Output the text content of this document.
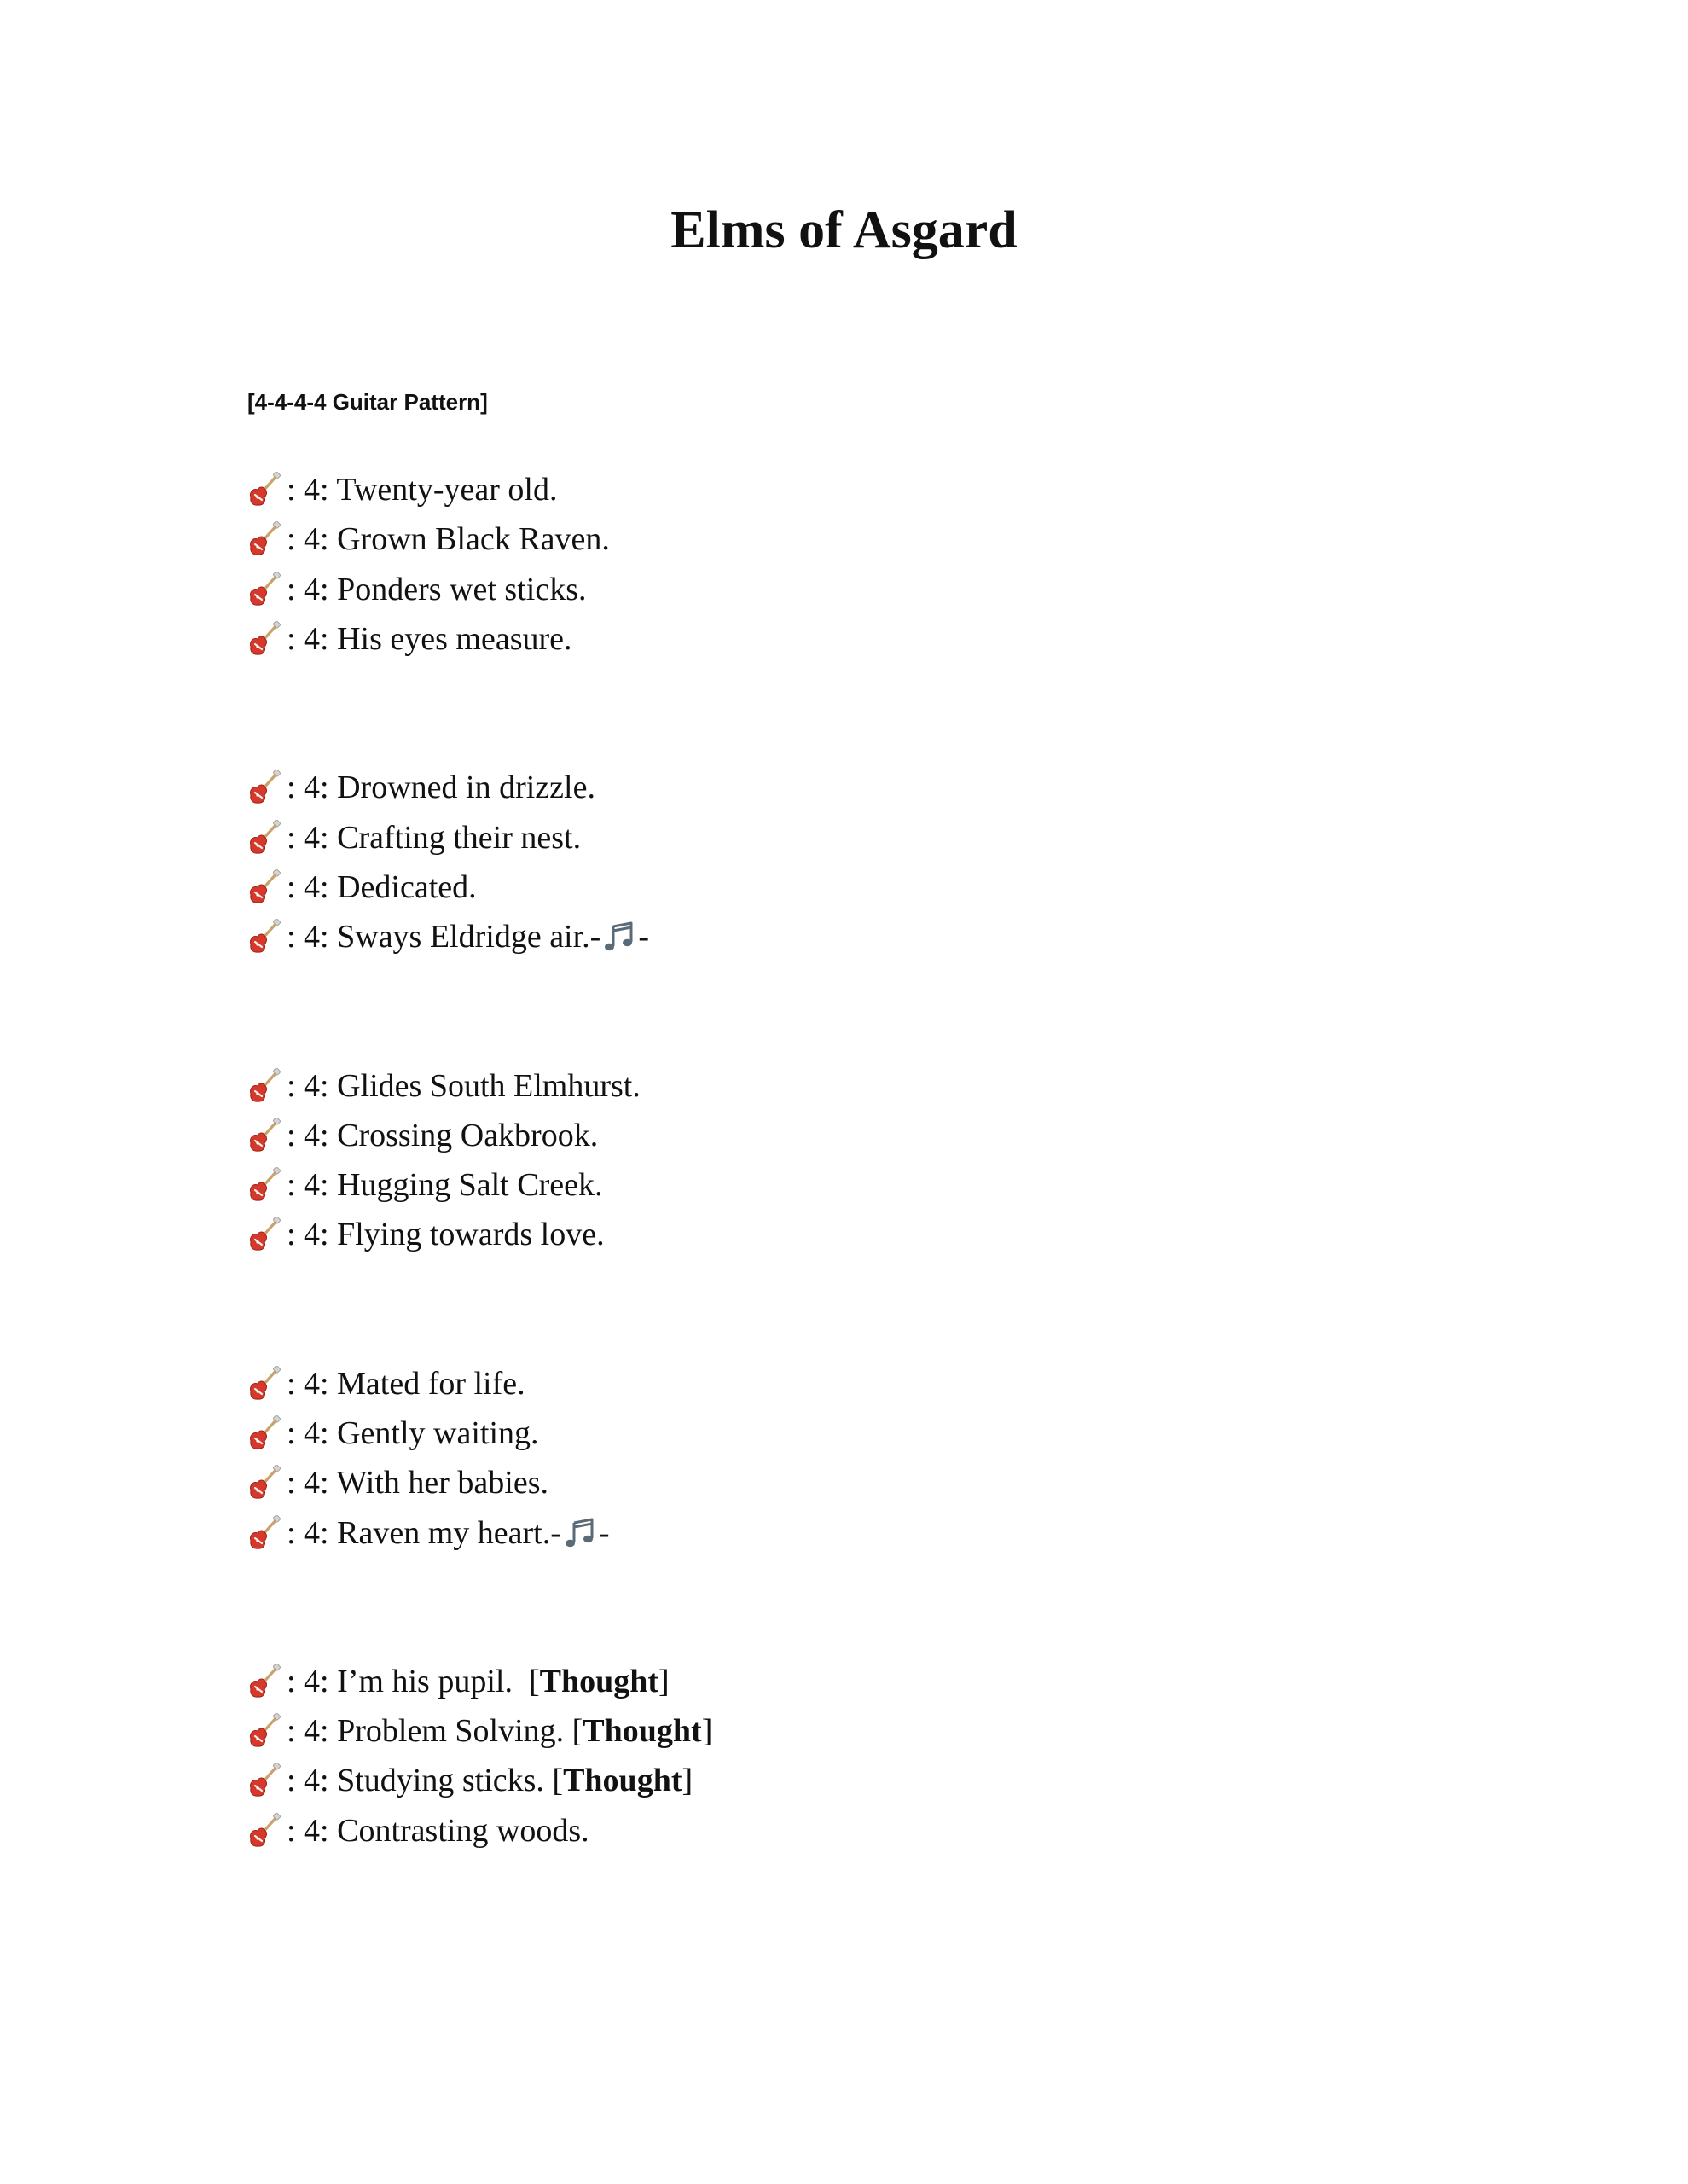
Elms of Asgard

[4-4-4-4 Guitar Pattern]

: 4: Twenty-year old.
: 4: Grown Black Raven.
: 4: Ponders wet sticks.
: 4: His eyes measure.
: 4: Drowned in drizzle.
: 4: Crafting their nest.
: 4: Dedicated.
: 4: Sways Eldridge air.- -
: 4: Glides South Elmhurst.
: 4: Crossing Oakbrook.
: 4: Hugging Salt Creek.
: 4: Flying towards love.
: 4: Mated for life.
: 4: Gently waiting.
: 4: With her babies.
: 4: Raven my heart.- -
: 4: I’m his pupil.  [ Thought ]
: 4: Problem Solving. [ Thought ]
: 4: Studying sticks. [ Thought ]
: 4: Contrasting woods.
